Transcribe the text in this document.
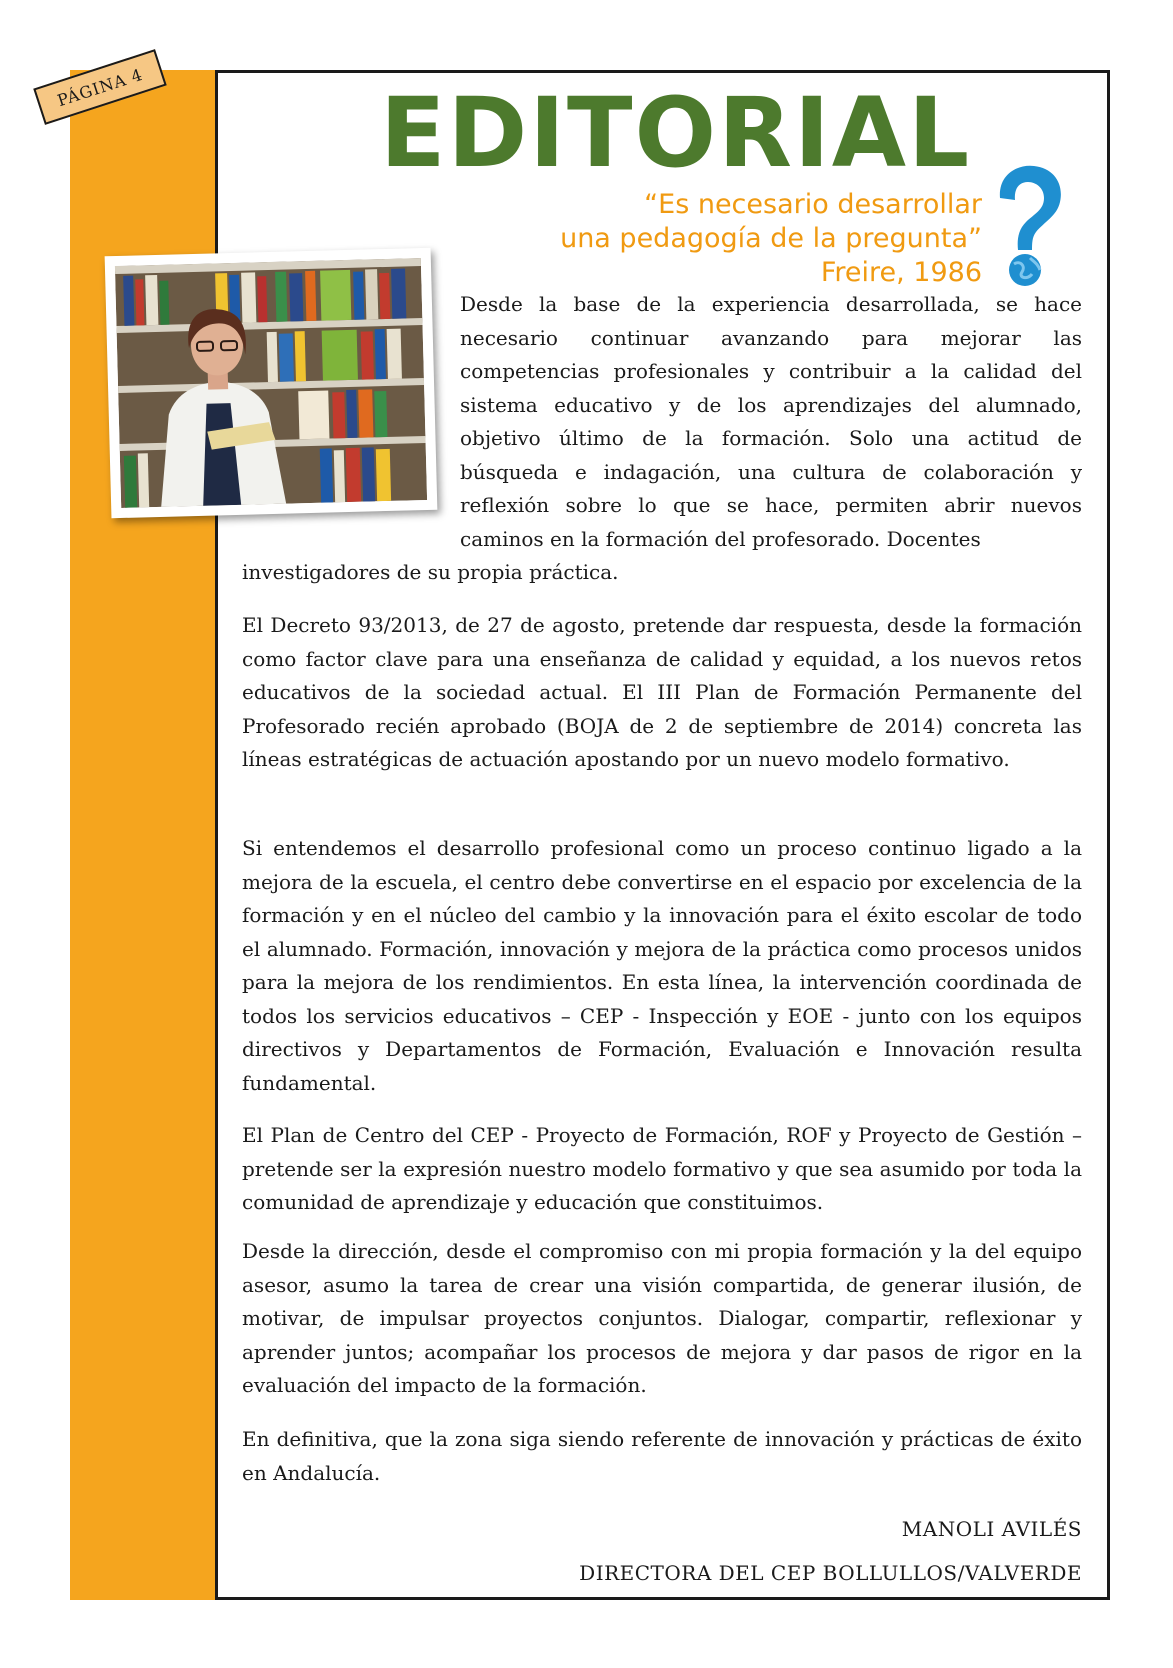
PÁGINA 4 EDITORIAL
“Es necesario desarrollar
una pedagogía de la pregunta”
Freire, 1986
Desde la base de la experiencia desarrollada, se hace necesario continuar avanzando para mejorar las competencias profesionales y contribuir a la calidad del sistema educativo y de los aprendizajes del alumnado, objetivo último de la formación. Solo una actitud de búsqueda e indagación, una cultura de colaboración y reflexión sobre lo que se hace, permiten abrir nuevos caminos en la formación del profesorado. Docentes
investigadores de su propia práctica.
El Decreto 93/2013, de 27 de agosto, pretende dar respuesta, desde la formación como factor clave para una enseñanza de calidad y equidad, a los nuevos retos educativos de la sociedad actual. El III Plan de Formación Permanente del Profesorado recién aprobado (BOJA de 2 de septiembre de 2014) concreta las líneas estratégicas de actuación apostando por un nuevo modelo formativo.
Si entendemos el desarrollo profesional como un proceso continuo ligado a la mejora de la escuela, el centro debe convertirse en el espacio por excelencia de la formación y en el núcleo del cambio y la innovación para el éxito escolar de todo el alumnado. Formación, innovación y mejora de la práctica como procesos unidos para la mejora de los rendimientos. En esta línea, la intervención coordinada de todos los servicios educativos – CEP - Inspección y EOE - junto con los equipos directivos y Departamentos de Formación, Evaluación e Innovación resulta fundamental.
El Plan de Centro del CEP - Proyecto de Formación, ROF y Proyecto de Gestión – pretende ser la expresión nuestro modelo formativo y que sea asumido por toda la comunidad de aprendizaje y educación que constituimos.
Desde la dirección, desde el compromiso con mi propia formación y la del equipo asesor, asumo la tarea de crear una visión compartida, de generar ilusión, de motivar, de impulsar proyectos conjuntos. Dialogar, compartir, reflexionar y aprender juntos; acompañar los procesos de mejora y dar pasos de rigor en la evaluación del impacto de la formación.
En definitiva, que la zona siga siendo referente de innovación y prácticas de éxito en Andalucía.
MANOLI AVILÉS
DIRECTORA DEL CEP BOLLULLOS/VALVERDE
